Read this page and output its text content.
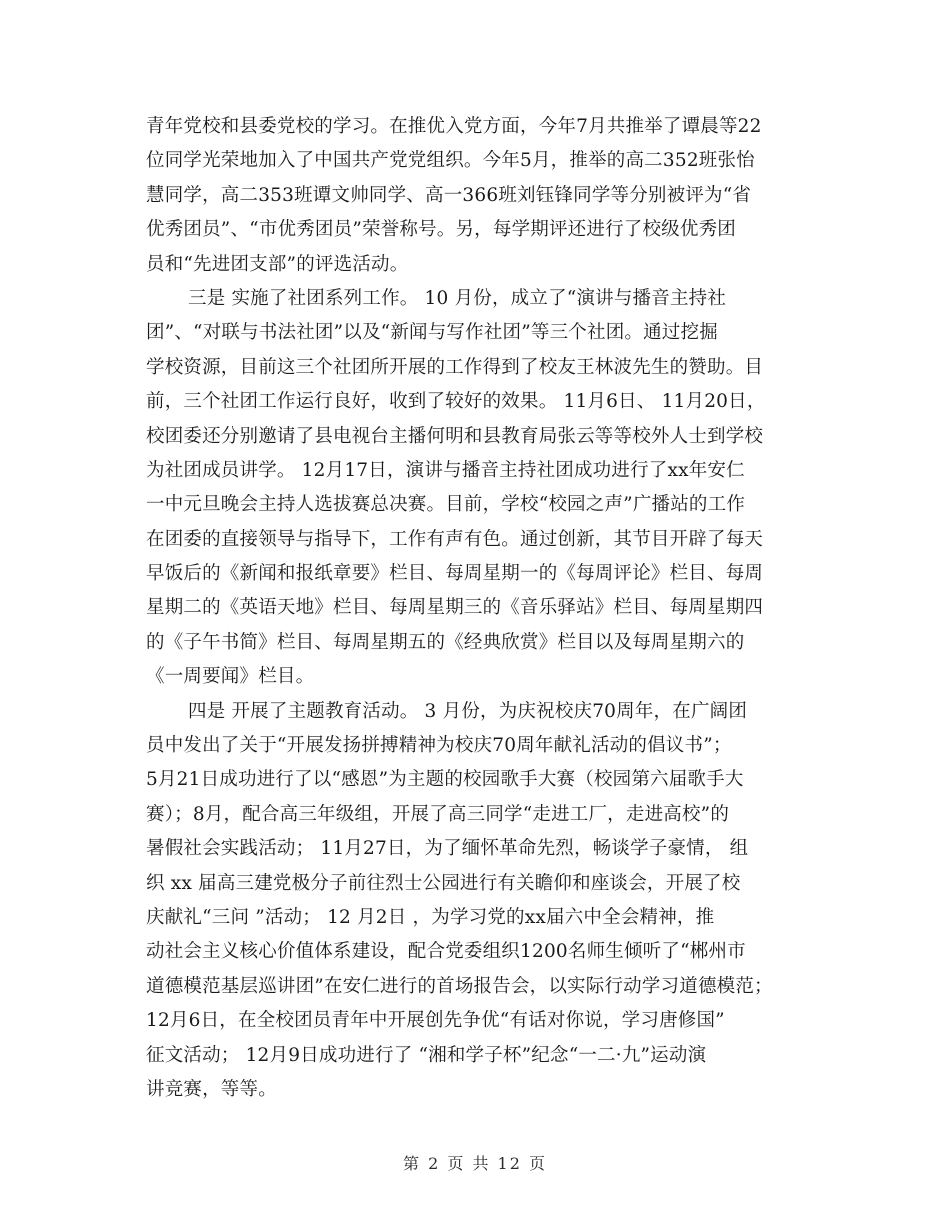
青年党校和县委党校的学习。在推优入党方面，今年7月共推举了谭晨等22
位同学光荣地加入了中国共产党党组织。今年5月，推举的高二352班张怡
慧同学，高二353班谭文帅同学、高一366班刘钰锋同学等分别被评为“省
优秀团员”、“市优秀团员”荣誉称号。另，每学期评还进行了校级优秀团
员和“先进团支部”的评选活动。
三是 实施了社团系列工作。 10 月份，成立了“演讲与播音主持社
团”、“对联与书法社团”以及“新闻与写作社团”等三个社团。通过挖掘
学校资源，目前这三个社团所开展的工作得到了校友王林波先生的赞助。目
前，三个社团工作运行良好，收到了较好的效果。 11月6日、 11月20日，
校团委还分别邀请了县电视台主播何明和县教育局张云等等校外人士到学校
为社团成员讲学。 12月17日，演讲与播音主持社团成功进行了xx年安仁
一中元旦晚会主持人选拔赛总决赛。目前，学校“校园之声”广播站的工作
在团委的直接领导与指导下，工作有声有色。通过创新，其节目开辟了每天
早饭后的《新闻和报纸章要》栏目、每周星期一的《每周评论》栏目、每周
星期二的《英语天地》栏目、每周星期三的《音乐驿站》栏目、每周星期四
的《子午书简》栏目、每周星期五的《经典欣赏》栏目以及每周星期六的
《一周要闻》栏目。
四是 开展了主题教育活动。 3 月份，为庆祝校庆70周年，在广阔团
员中发出了关于“开展发扬拼搏精神为校庆70周年献礼活动的倡议书”；
5月21日成功进行了以“感恩”为主题的校园歌手大赛（校园第六届歌手大
赛）；8月，配合高三年级组，开展了高三同学“走进工厂，走进高校”的
暑假社会实践活动； 11月27日，为了缅怀革命先烈，畅谈学子豪情， 组
织 xx 届高三建党极分子前往烈士公园进行有关瞻仰和座谈会，开展了校
庆献礼“三问 ”活动； 12 月2日 ，为学习党的xx届六中全会精神，推
动社会主义核心价值体系建设，配合党委组织1200名师生倾听了“郴州市
道德模范基层巡讲团”在安仁进行的首场报告会，以实际行动学习道德模范；
12月6日，在全校团员青年中开展创先争优“有话对你说，学习唐修国”
征文活动； 12月9日成功进行了 “湘和学子杯”纪念“一二·九”运动演
讲竞赛，等等。
第 2 页 共 12 页
